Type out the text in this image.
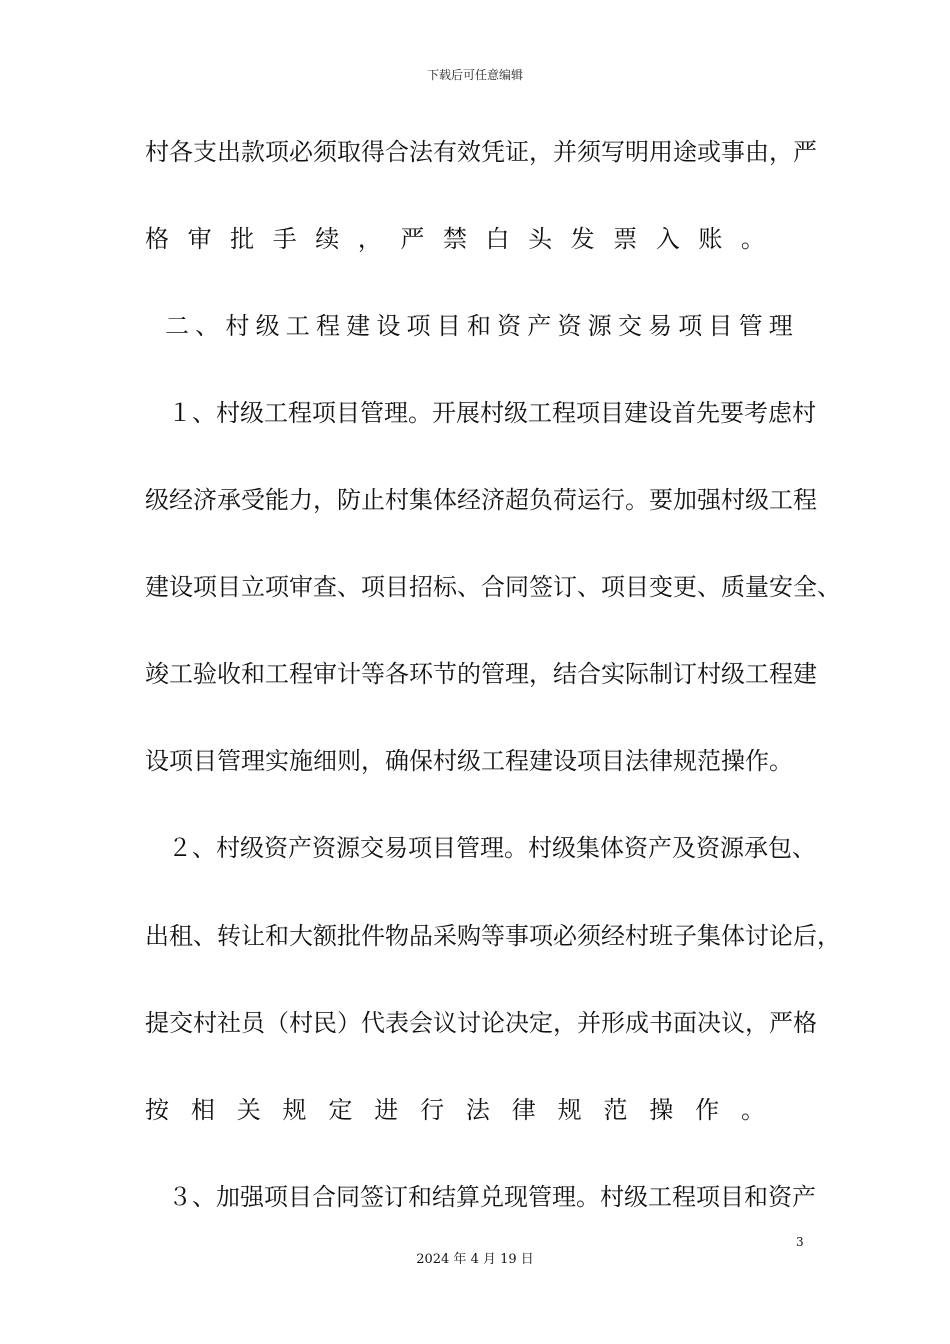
下载后可任意编辑
村各支出款项必须取得合法有效凭证，并须写明用途或事由，严
格 审 批 手 续 ， 严 禁 白 头 发 票 入 账 。
二 、 村 级 工 程 建 设 项 目 和 资 产 资 源 交 易 项 目 管 理
１、村级工程项目管理。开展村级工程项目建设首先要考虑村
级经济承受能力，防止村集体经济超负荷运行。要加强村级工程
建设项目立项审查、项目招标、合同签订、项目变更、质量安全、
竣工验收和工程审计等各环节的管理，结合实际制订村级工程建
设项目管理实施细则，确保村级工程建设项目法律规范操作。
２、村级资产资源交易项目管理。村级集体资产及资源承包、
出租、转让和大额批件物品采购等事项必须经村班子集体讨论后，
提交村社员（村民）代表会议讨论决定，并形成书面决议，严格
按 相 关 规 定 进 行 法 律 规 范 操 作 。
３、加强项目合同签订和结算兑现管理。村级工程项目和资产
3
2024 年 4 月 19 日
